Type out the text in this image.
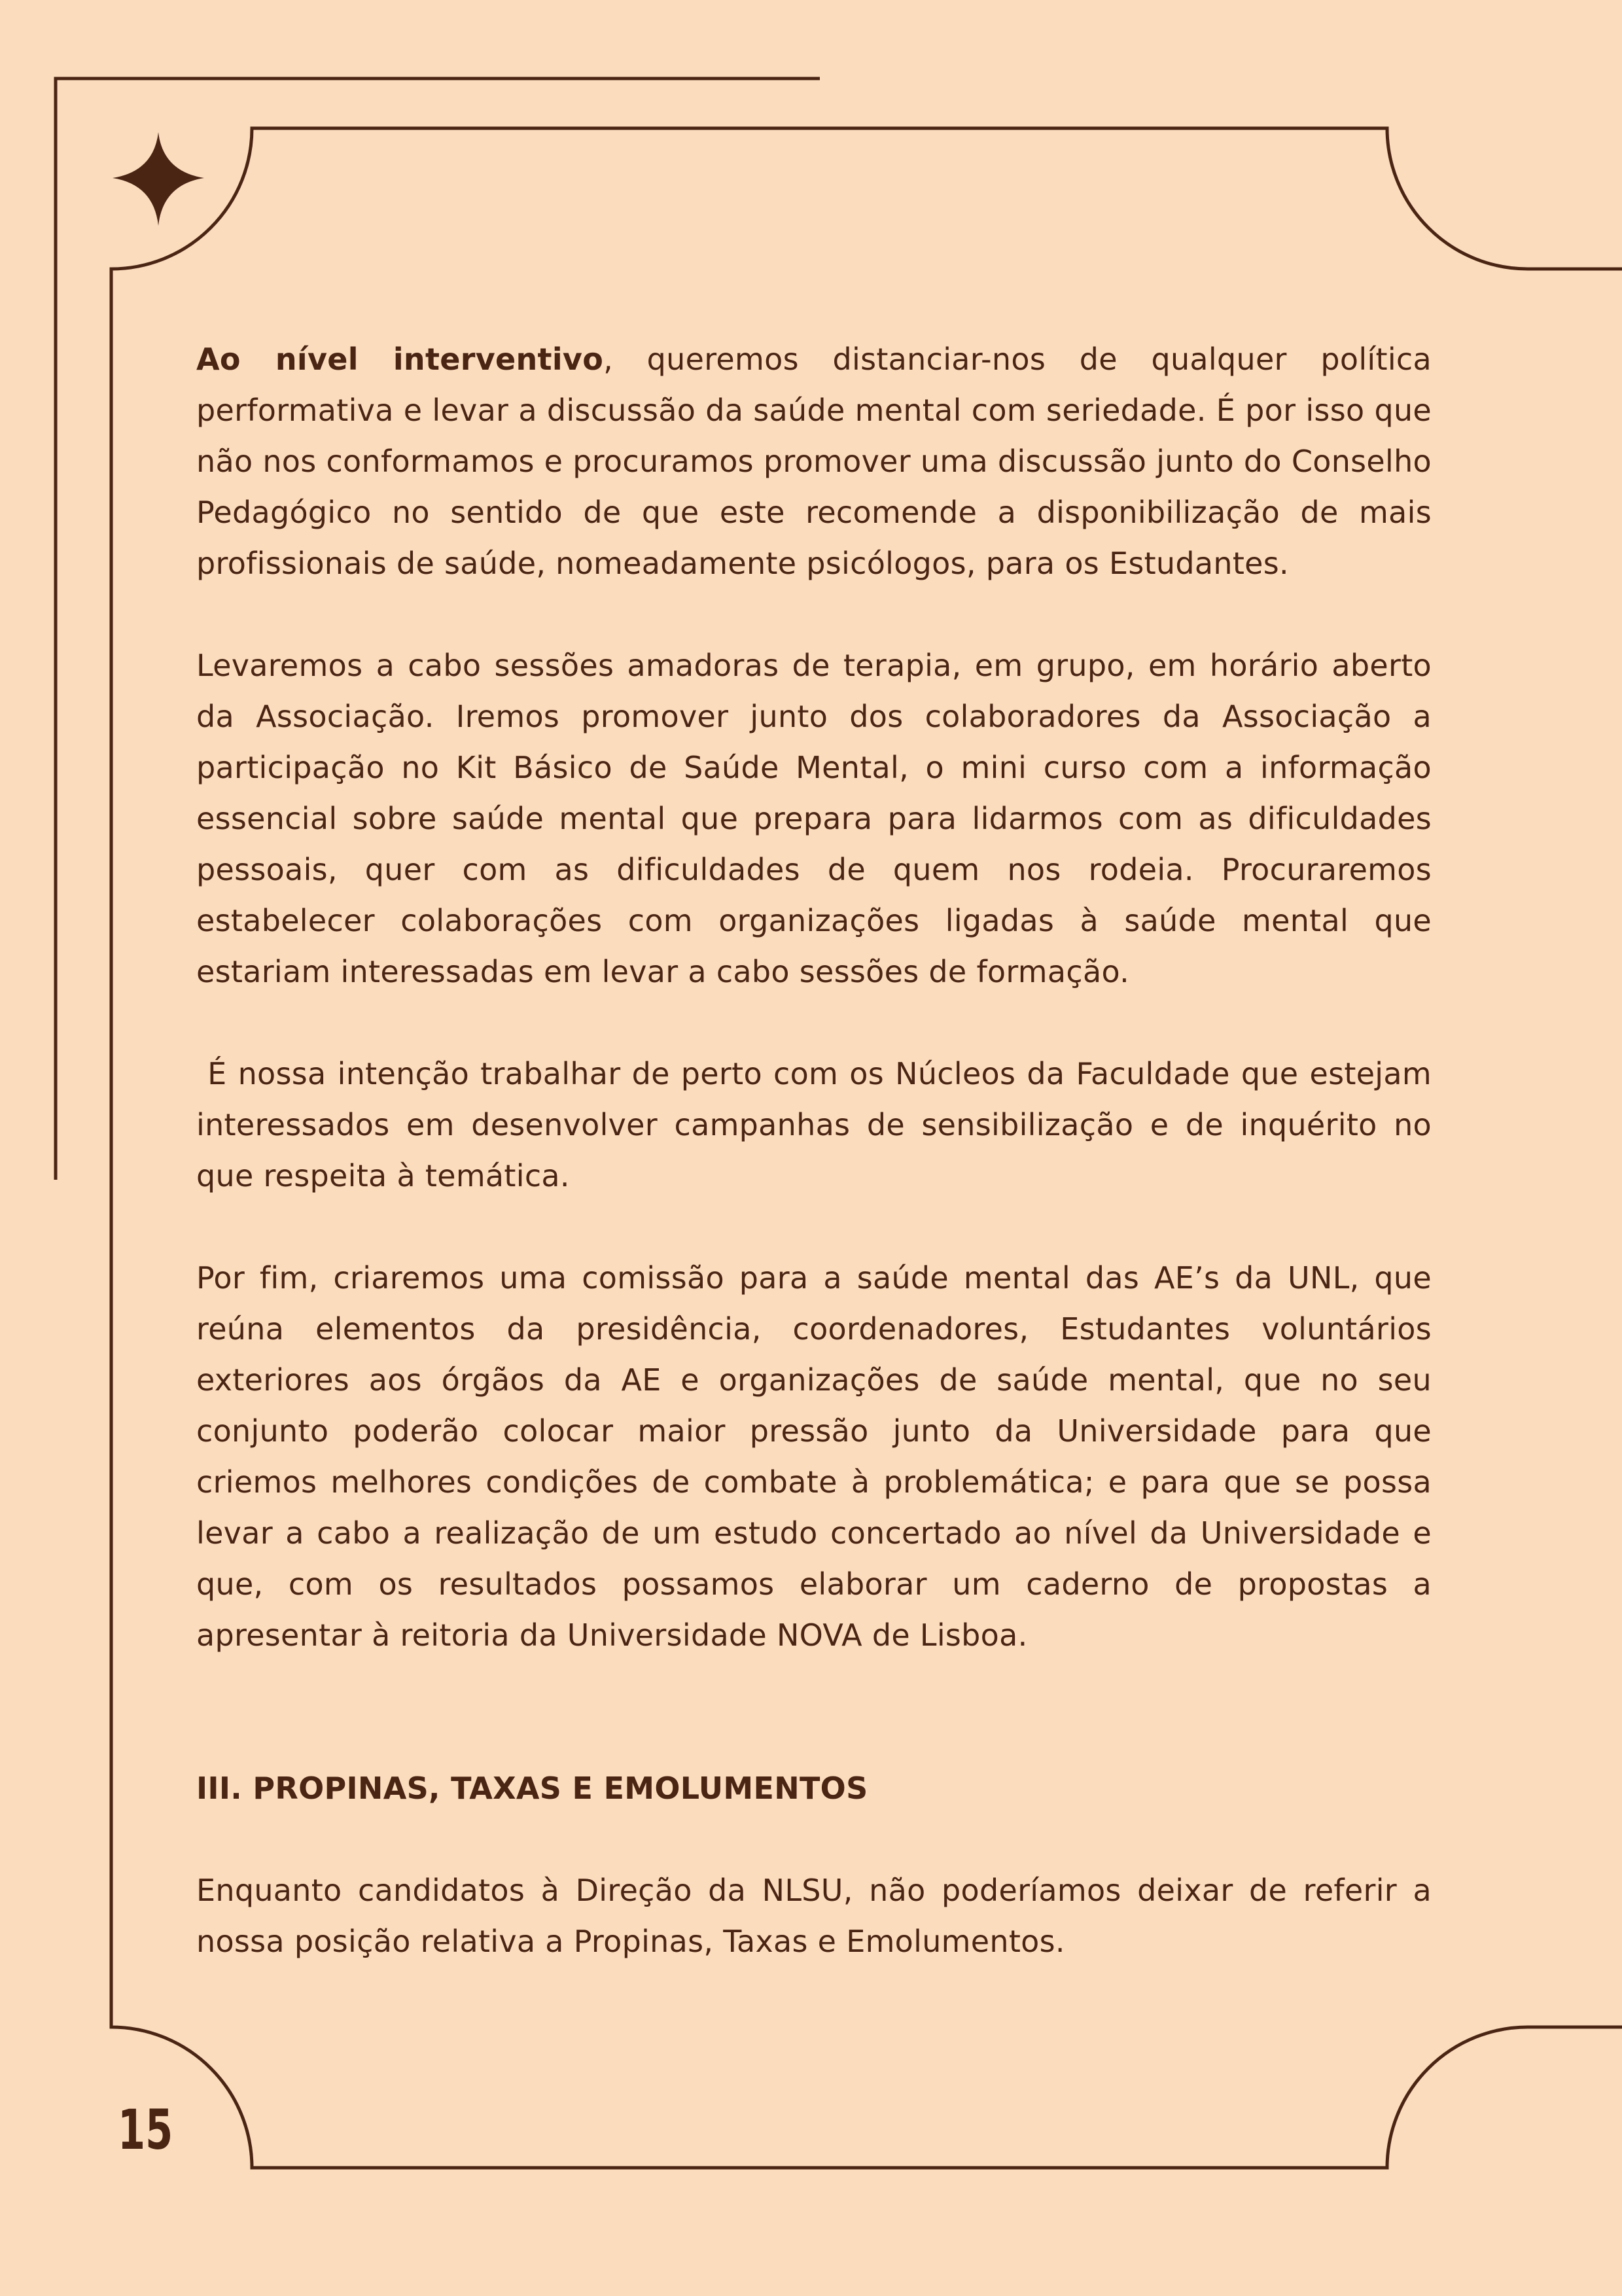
Ao nível interventivo, queremos distanciar-nos de qualquer política performativa e levar a discussão da saúde mental com seriedade. É por isso que não nos conformamos e procuramos promover uma discussão junto do Conselho Pedagógico no sentido de que este recomende a disponibilização de mais profissionais de saúde, nomeadamente psicólogos, para os Estudantes.

Levaremos a cabo sessões amadoras de terapia, em grupo, em horário aberto da Associação. Iremos promover junto dos colaboradores da Associação a participação no Kit Básico de Saúde Mental, o mini curso com a informação essencial sobre saúde mental que prepara para lidarmos com as dificuldades pessoais, quer com as dificuldades de quem nos rodeia. Procuraremos estabelecer colaborações com organizações ligadas à saúde mental que estariam interessadas em levar a cabo sessões de formação.

É nossa intenção trabalhar de perto com os Núcleos da Faculdade que estejam interessados em desenvolver campanhas de sensibilização e de inquérito no que respeita à temática.

Por fim, criaremos uma comissão para a saúde mental das AE’s da UNL, que reúna elementos da presidência, coordenadores, Estudantes voluntários exteriores aos órgãos da AE e organizações de saúde mental, que no seu conjunto poderão colocar maior pressão junto da Universidade para que criemos melhores condições de combate à problemática; e para que se possa levar a cabo a realização de um estudo concertado ao nível da Universidade e que, com os resultados possamos elaborar um caderno de propostas a apresentar à reitoria da Universidade NOVA de Lisboa.

III. PROPINAS, TAXAS E EMOLUMENTOS

Enquanto candidatos à Direção da NLSU, não poderíamos deixar de referir a nossa posição relativa a Propinas, Taxas e Emolumentos.

15
